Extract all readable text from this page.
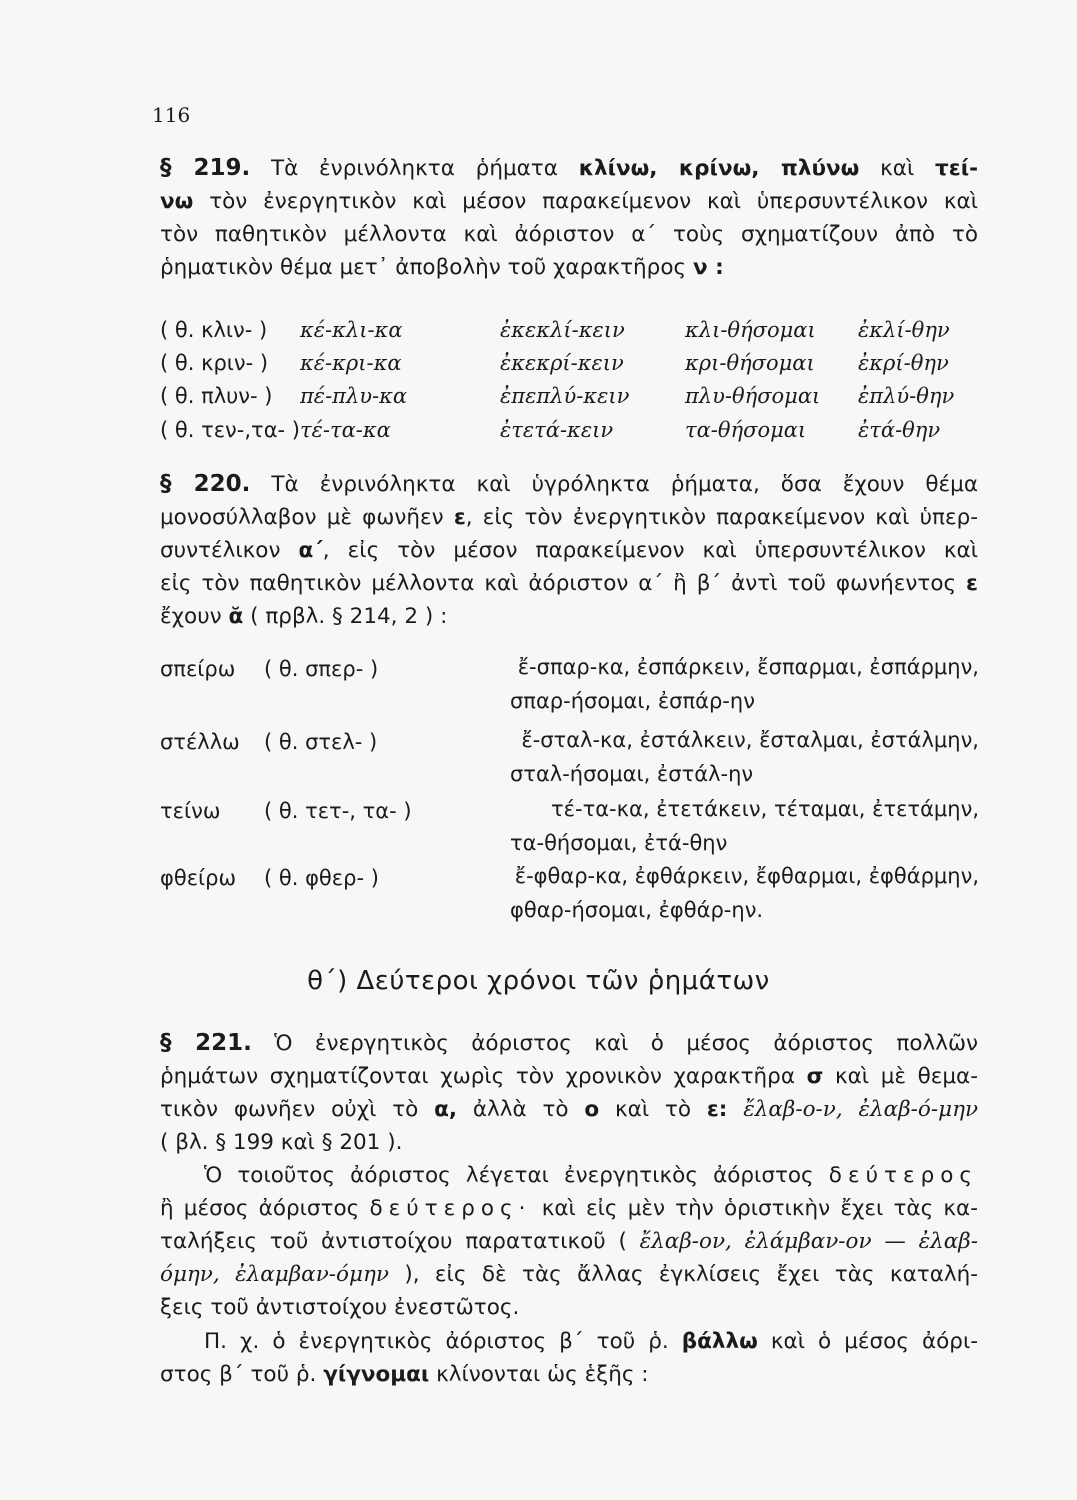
116
§ 219. Τὰ ἐνρινόληκτα ῥήματα κλίνω, κρίνω, πλύνω καὶ τεί-
νω τὸν ἐνεργητικὸν καὶ μέσον παρακείμενον καὶ ὑπερσυντέλικον καὶ
τὸν παθητικὸν μέλλοντα καὶ ἀόριστον α΄ τοὺς σχηματίζουν ἀπὸ τὸ
ῥηματικὸν θέμα μετ᾽ ἀποβολὴν τοῦ χαρακτῆρος ν :
( θ. κλιν- ) κέ-κλι-κα	ἐκεκλί-κειν	κλι-θήσομαι ἐκλί-θην
( θ. κριν- ) κέ-κρι-κα	ἐκεκρί-κειν	κρι-θήσομαι ἐκρί-θην
( θ. πλυν- ) πέ-πλυ-κα	ἐπεπλύ-κειν	πλυ-θήσομαι ἐπλύ-θην
( θ. τεν-,τα- ) τέ-τα-κα	ἐτετά-κειν	τα-θήσομαι ἐτά-θην
§ 220. Τὰ ἐνρινόληκτα καὶ ὑγρόληκτα ῥήματα, ὅσα ἔχουν θέμα
μονοσύλλαβον μὲ φωνῆεν ε, εἰς τὸν ἐνεργητικὸν παρακείμενον καὶ ὑπερ-
συντέλικον α΄, εἰς τὸν μέσον παρακείμενον καὶ ὑπερσυντέλικον καὶ
εἰς τὸν παθητικὸν μέλλοντα καὶ ἀόριστον α΄ ἢ β΄ ἀντὶ τοῦ φωνήεντος ε
ἔχουν ᾰ ( πρβλ. § 214, 2 ) :
σπείρω ( θ. σπερ- )	ἔ-σπαρ-κα, ἐσπάρκειν, ἔσπαρμαι, ἐσπάρμην,
σπαρ-ήσομαι, ἐσπάρ-ην
στέλλω ( θ. στελ- )	ἔ-σταλ-κα, ἐστάλκειν, ἔσταλμαι, ἐστάλμην,
σταλ-ήσομαι, ἐστάλ-ην
τείνω ( θ. τετ-, τα- )	τέ-τα-κα, ἐτετάκειν, τέταμαι, ἐτετάμην,
τα-θήσομαι, ἐτά-θην
φθείρω ( θ. φθερ- )	ἔ-φθαρ-κα, ἐφθάρκειν, ἔφθαρμαι, ἐφθάρμην,
φθαρ-ήσομαι, ἐφθάρ-ην.
θ΄) Δεύτεροι χρόνοι τῶν ῥημάτων
§ 221. Ὁ ἐνεργητικὸς ἀόριστος καὶ ὁ μέσος ἀόριστος πολλῶν
ῥημάτων σχηματίζονται χωρὶς τὸν χρονικὸν χαρακτῆρα σ καὶ μὲ θεμα-
τικὸν φωνῆεν οὐχὶ τὸ α, ἀλλὰ τὸ ο καὶ τὸ ε: ἔλαβ-ο-ν, ἐλαβ-ό-μην
( βλ. § 199 καὶ § 201 ).
Ὁ τοιοῦτος ἀόριστος λέγεται ἐνεργητικὸς ἀόριστος δεύτερος
ἢ μέσος ἀόριστος δεύτερος· καὶ εἰς μὲν τὴν ὁριστικὴν ἔχει τὰς κα-
ταλήξεις τοῦ ἀντιστοίχου παρατατικοῦ ( ἔλαβ-ον, ἐλάμβαν-ον — ἐλαβ-
όμην, ἐλαμβαν-όμην ), εἰς δὲ τὰς ἄλλας ἐγκλίσεις ἔχει τὰς καταλή-
ξεις τοῦ ἀντιστοίχου ἐνεστῶτος.
Π. χ. ὁ ἐνεργητικὸς ἀόριστος β΄ τοῦ ῥ. βάλλω καὶ ὁ μέσος ἀόρι-
στος β΄ τοῦ ῥ. γίγνομαι κλίνονται ὡς ἑξῆς :
